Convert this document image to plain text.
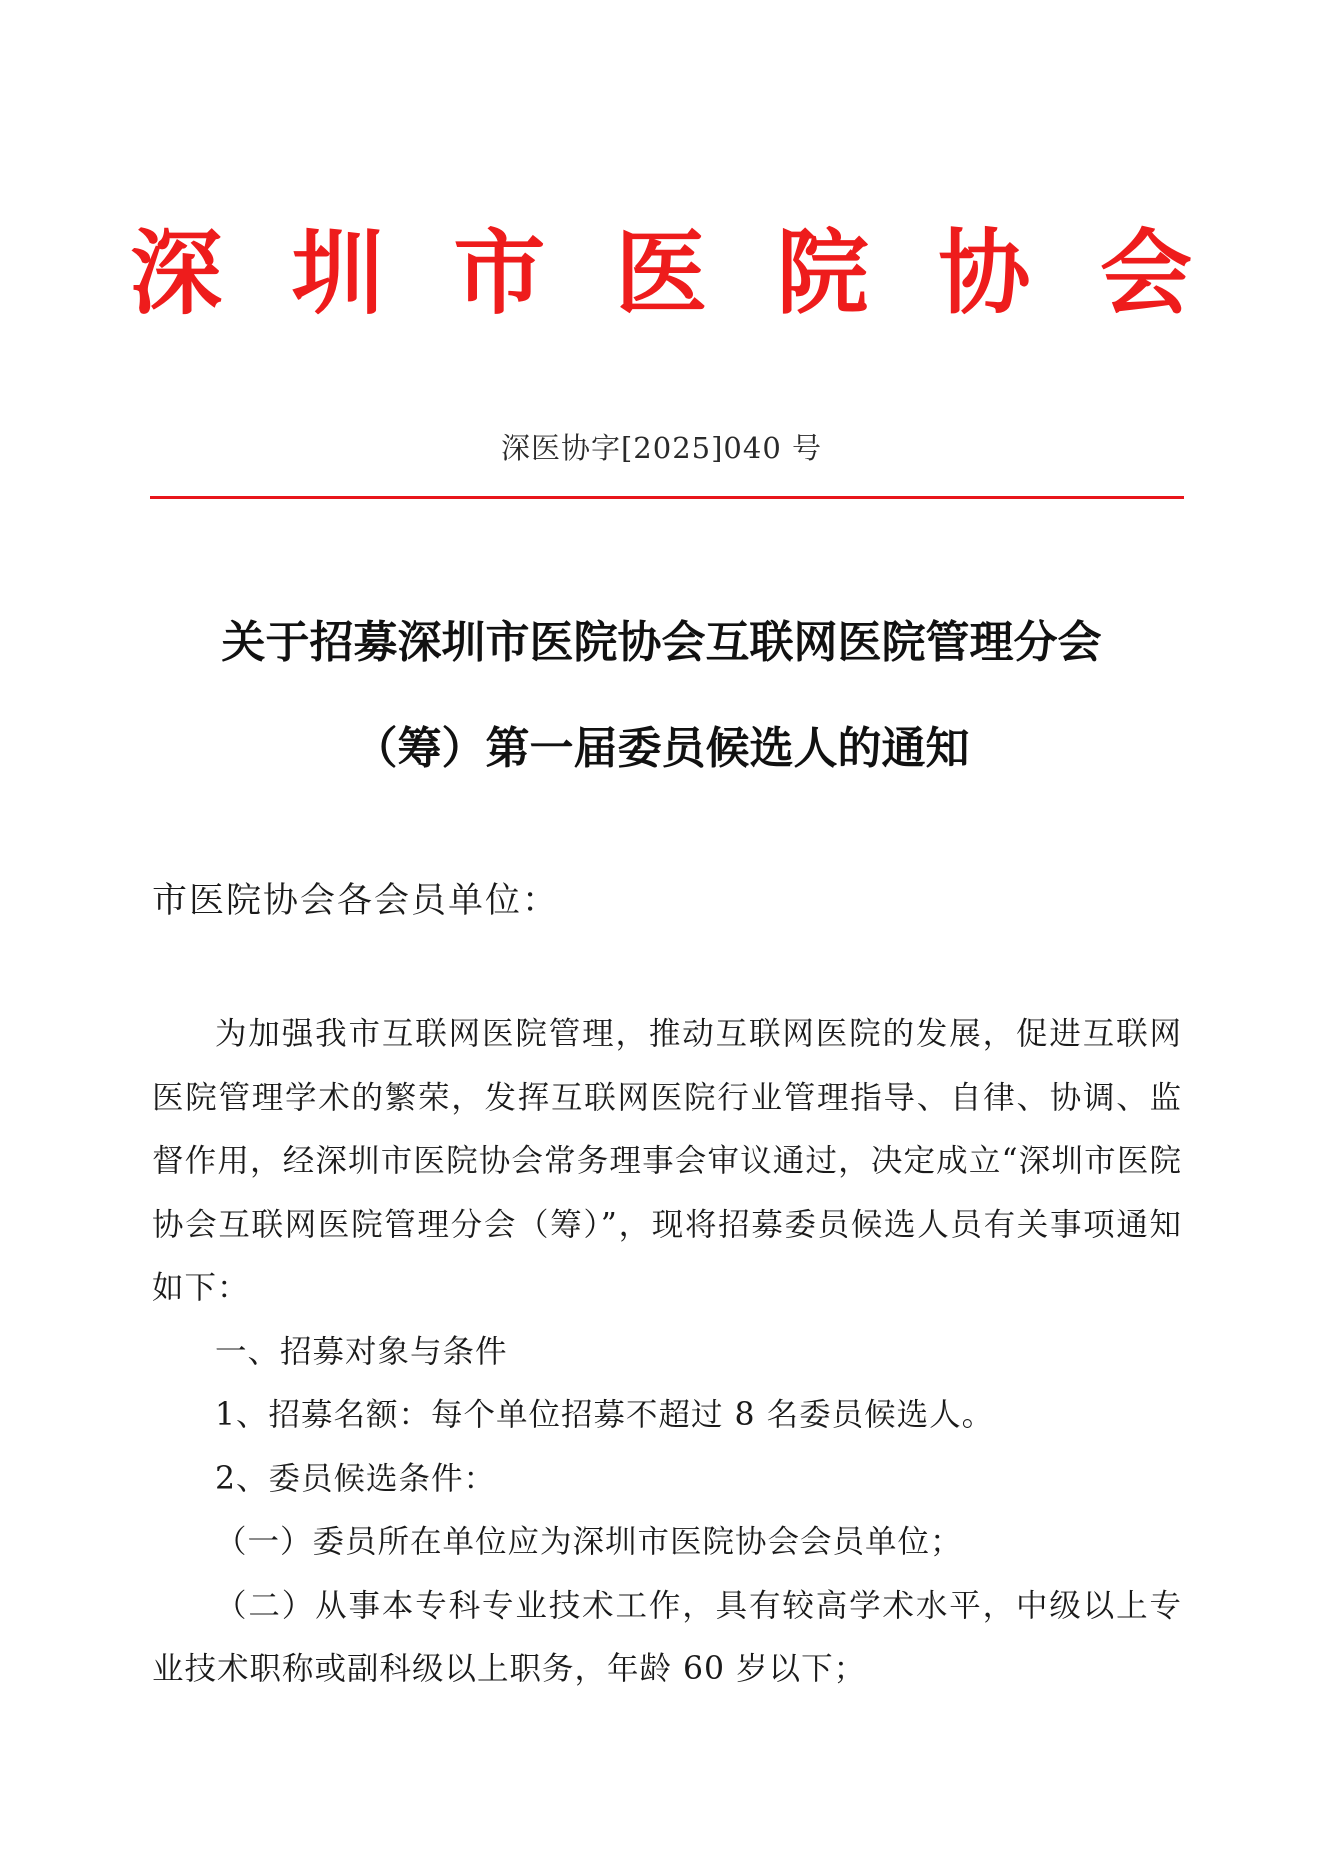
深圳市医院协会
深医协字[2025]040 号
关于招募深圳市医院协会互联网医院管理分会
（筹）第一届委员候选人的通知

市医院协会各会员单位：

为加强我市互联网医院管理，推动互联网医院的发展，促进互联网医院管理学术的繁荣，发挥互联网医院行业管理指导、自律、协调、监督作用，经深圳市医院协会常务理事会审议通过，决定成立“深圳市医院协会互联网医院管理分会（筹）”，现将招募委员候选人员有关事项通知如下：

一、招募对象与条件

1、招募名额：每个单位招募不超过 8 名委员候选人。

2、委员候选条件：

（一）委员所在单位应为深圳市医院协会会员单位；

（二）从事本专科专业技术工作，具有较高学术水平，中级以上专业技术职称或副科级以上职务，年龄 60 岁以下；
